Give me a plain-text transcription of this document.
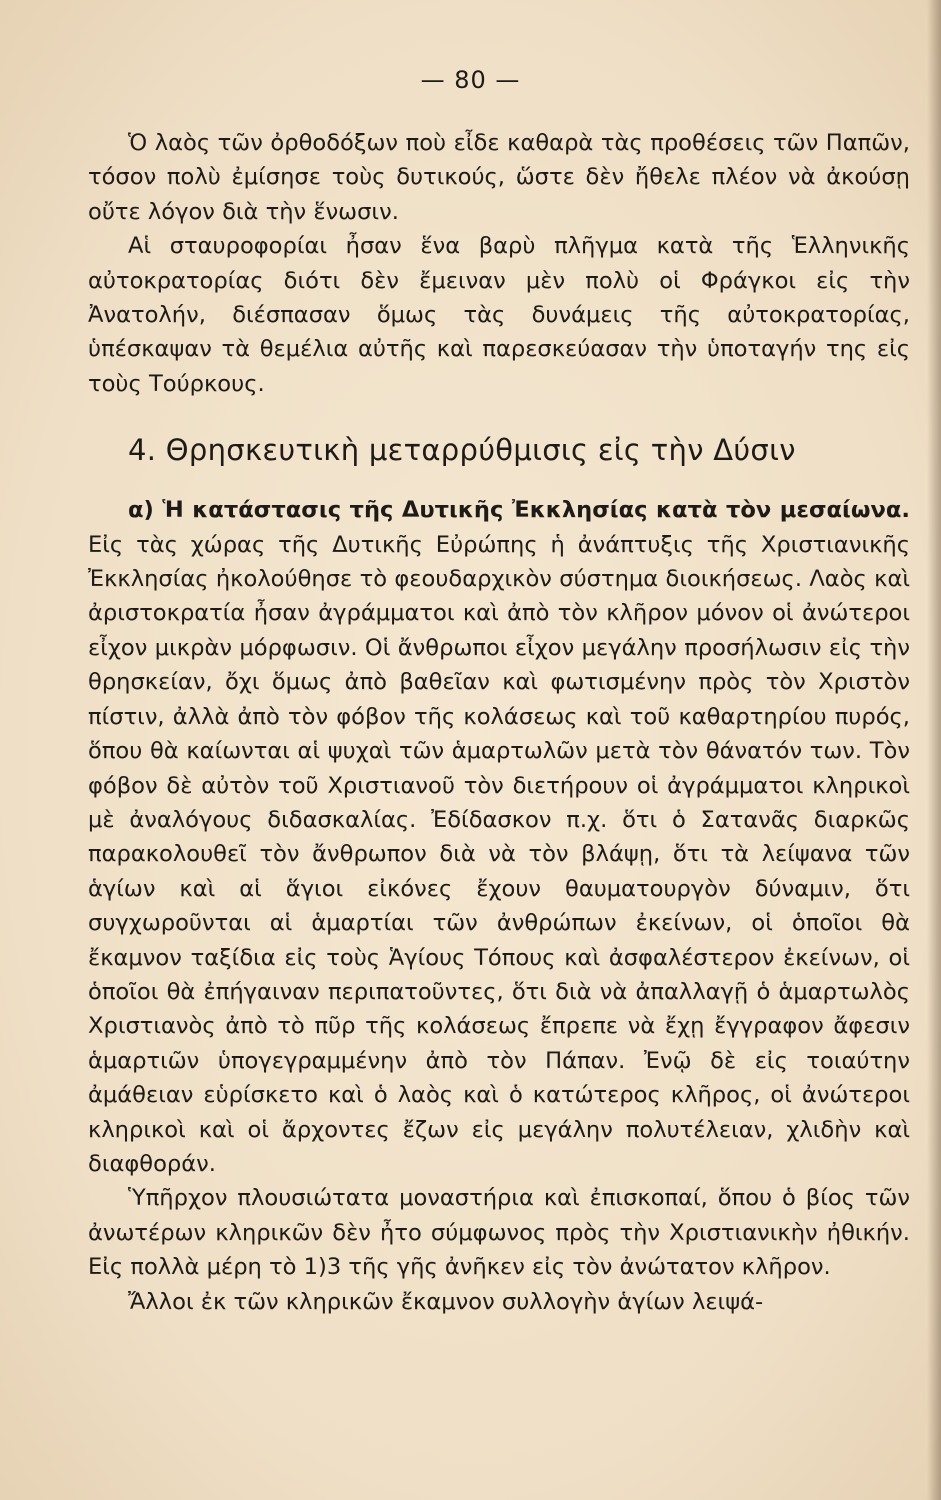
— 80 —

Ὁ λαὸς τῶν ὀρθοδόξων ποὺ εἶδε καθαρὰ τὰς προθέσεις τῶν Παπῶν, τόσον πολὺ ἐμίσησε τοὺς δυτικούς, ὥστε δὲν ἤθελε πλέον νὰ ἀκούσῃ οὔτε λόγον διὰ τὴν ἕνωσιν.

Αἱ σταυροφορίαι ἦσαν ἕνα βαρὺ πλῆγμα κατὰ τῆς Ἑλληνικῆς αὐτοκρατορίας διότι δὲν ἔμειναν μὲν πολὺ οἱ Φράγκοι εἰς τὴν Ἀνατολήν, διέσπασαν ὅμως τὰς δυνάμεις τῆς αὐτοκρατορίας, ὑπέσκαψαν τὰ θεμέλια αὐτῆς καὶ παρεσκεύασαν τὴν ὑποταγήν της εἰς τοὺς Τούρκους.

4. Θρησκευτικὴ μεταρρύθμισις εἰς τὴν Δύσιν

α) Ἡ κατάστασις τῆς Δυτικῆς Ἐκκλησίας κατὰ τὸν μεσαίωνα. Εἰς τὰς χώρας τῆς Δυτικῆς Εὐρώπης ἡ ἀνάπτυξις τῆς Χριστιανικῆς Ἐκκλησίας ἠκολούθησε τὸ φεουδαρχικὸν σύστημα διοικήσεως. Λαὸς καὶ ἀριστοκρατία ἦσαν ἀγράμματοι καὶ ἀπὸ τὸν κλῆρον μόνον οἱ ἀνώτεροι εἶχον μικρὰν μόρφωσιν. Οἱ ἄνθρωποι εἶχον μεγάλην προσήλωσιν εἰς τὴν θρησκείαν, ὄχι ὅμως ἀπὸ βαθεῖαν καὶ φωτισμένην πρὸς τὸν Χριστὸν πίστιν, ἀλλὰ ἀπὸ τὸν φόβον τῆς κολάσεως καὶ τοῦ καθαρτηρίου πυρός, ὅπου θὰ καίωνται αἱ ψυχαὶ τῶν ἁμαρτωλῶν μετὰ τὸν θάνατόν των. Τὸν φόβον δὲ αὐτὸν τοῦ Χριστιανοῦ τὸν διετήρουν οἱ ἀγράμματοι κληρικοὶ μὲ ἀναλόγους διδασκαλίας. Ἐδίδασκον π.χ. ὅτι ὁ Σατανᾶς διαρκῶς παρακολουθεῖ τὸν ἄνθρωπον διὰ νὰ τὸν βλάψῃ, ὅτι τὰ λείψανα τῶν ἁγίων καὶ αἱ ἅγιοι εἰκόνες ἔχουν θαυματουργὸν δύναμιν, ὅτι συγχωροῦνται αἱ ἁμαρτίαι τῶν ἀνθρώπων ἐκείνων, οἱ ὁποῖοι θὰ ἔκαμνον ταξίδια εἰς τοὺς Ἁγίους Τόπους καὶ ἀσφαλέστερον ἐκείνων, οἱ ὁποῖοι θὰ ἐπήγαιναν περιπατοῦντες, ὅτι διὰ νὰ ἀπαλλαγῇ ὁ ἁμαρτωλὸς Χριστιανὸς ἀπὸ τὸ πῦρ τῆς κολάσεως ἔπρεπε νὰ ἔχῃ ἔγγραφον ἄφεσιν ἁμαρτιῶν ὑπογεγραμμένην ἀπὸ τὸν Πάπαν. Ἐνῷ δὲ εἰς τοιαύτην ἀμάθειαν εὑρίσκετο καὶ ὁ λαὸς καὶ ὁ κατώτερος κλῆρος, οἱ ἀνώτεροι κληρικοὶ καὶ οἱ ἄρχοντες ἔζων εἰς μεγάλην πολυτέλειαν, χλιδὴν καὶ διαφθοράν.

Ὑπῆρχον πλουσιώτατα μοναστήρια καὶ ἐπισκοπαί, ὅπου ὁ βίος τῶν ἀνωτέρων κληρικῶν δὲν ἦτο σύμφωνος πρὸς τὴν Χριστιανικὴν ἠθικήν. Εἰς πολλὰ μέρη τὸ 1)3 τῆς γῆς ἀνῆκεν εἰς τὸν ἀνώτατον κλῆρον.

Ἄλλοι ἐκ τῶν κληρικῶν ἔκαμνον συλλογὴν ἁγίων λειψά-
